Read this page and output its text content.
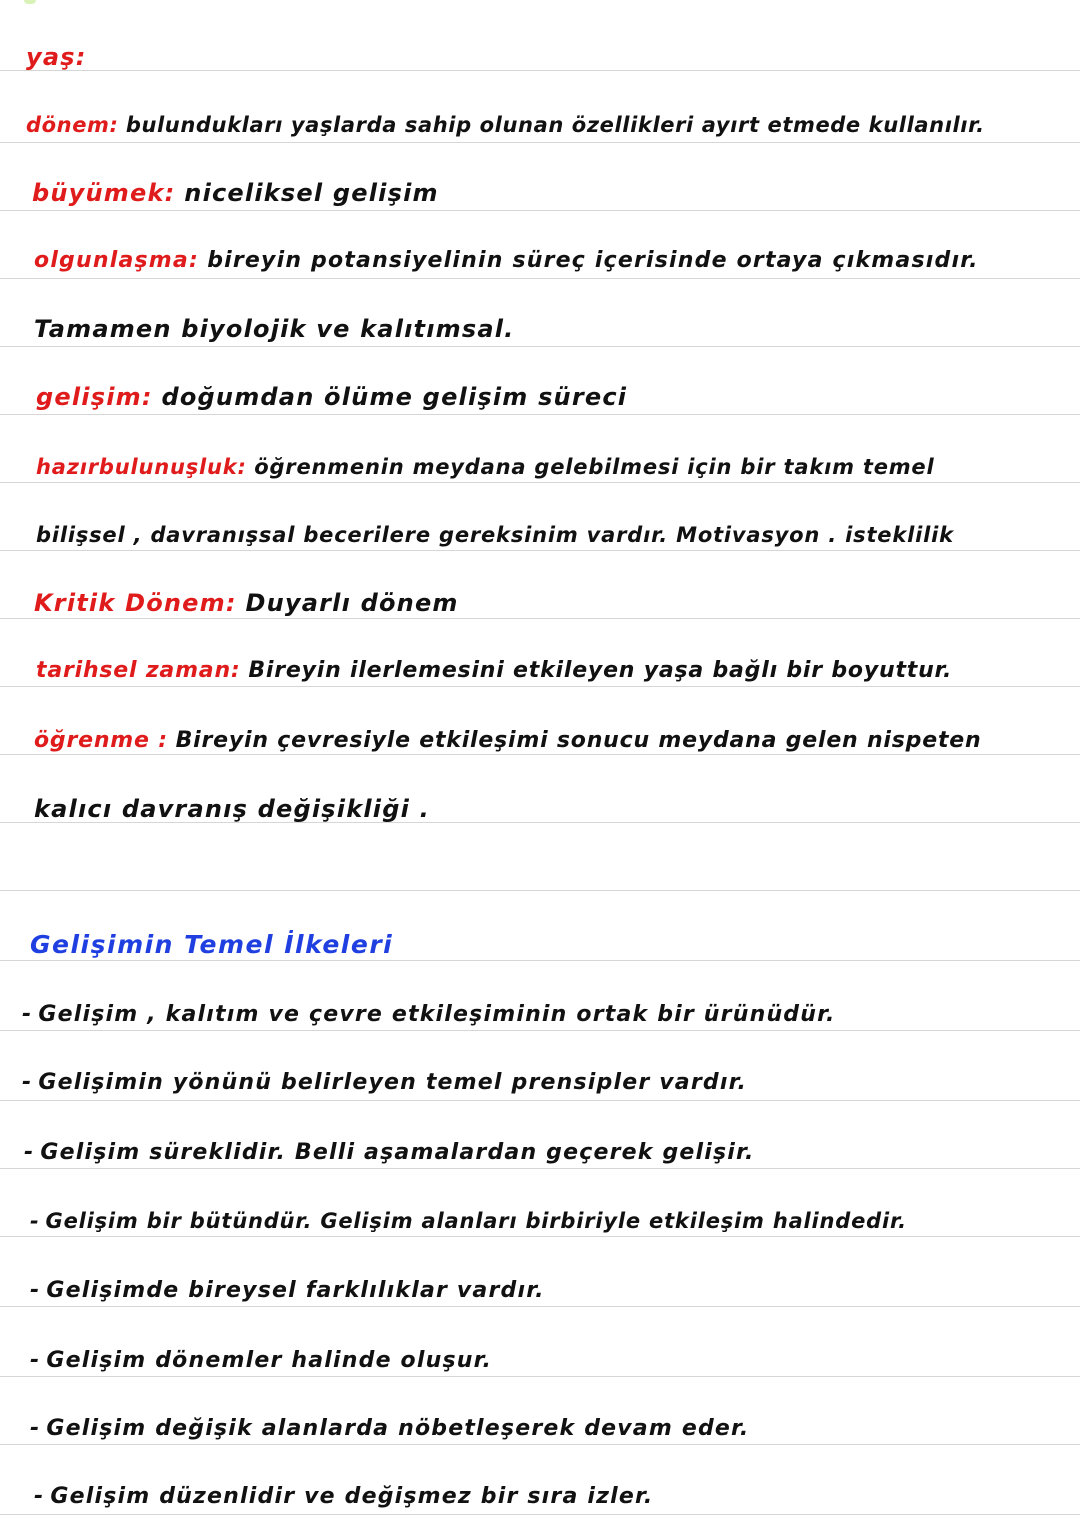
yaş:
dönem: bulundukları yaşlarda sahip olunan özellikleri ayırt etmede kullanılır.
büyümek: niceliksel gelişim
olgunlaşma: bireyin potansiyelinin süreç içerisinde ortaya çıkmasıdır.
Tamamen biyolojik ve kalıtımsal.
gelişim: doğumdan ölüme gelişim süreci
hazırbulunuşluk: öğrenmenin meydana gelebilmesi için bir takım temel
bilişsel , davranışsal becerilere gereksinim vardır. Motivasyon . isteklilik
Kritik Dönem: Duyarlı dönem
tarihsel zaman: Bireyin ilerlemesini etkileyen yaşa bağlı bir boyuttur.
öğrenme : Bireyin çevresiyle etkileşimi sonucu meydana gelen nispeten
kalıcı davranış değişikliği .
Gelişimin Temel İlkeleri
- Gelişim , kalıtım ve çevre etkileşiminin ortak bir ürünüdür.
- Gelişimin yönünü belirleyen temel prensipler vardır.
- Gelişim süreklidir. Belli aşamalardan geçerek gelişir.
- Gelişim bir bütündür. Gelişim alanları birbiriyle etkileşim halindedir.
- Gelişimde bireysel farklılıklar vardır.
- Gelişim dönemler halinde oluşur.
- Gelişim değişik alanlarda nöbetleşerek devam eder.
- Gelişim düzenlidir ve değişmez bir sıra izler.
